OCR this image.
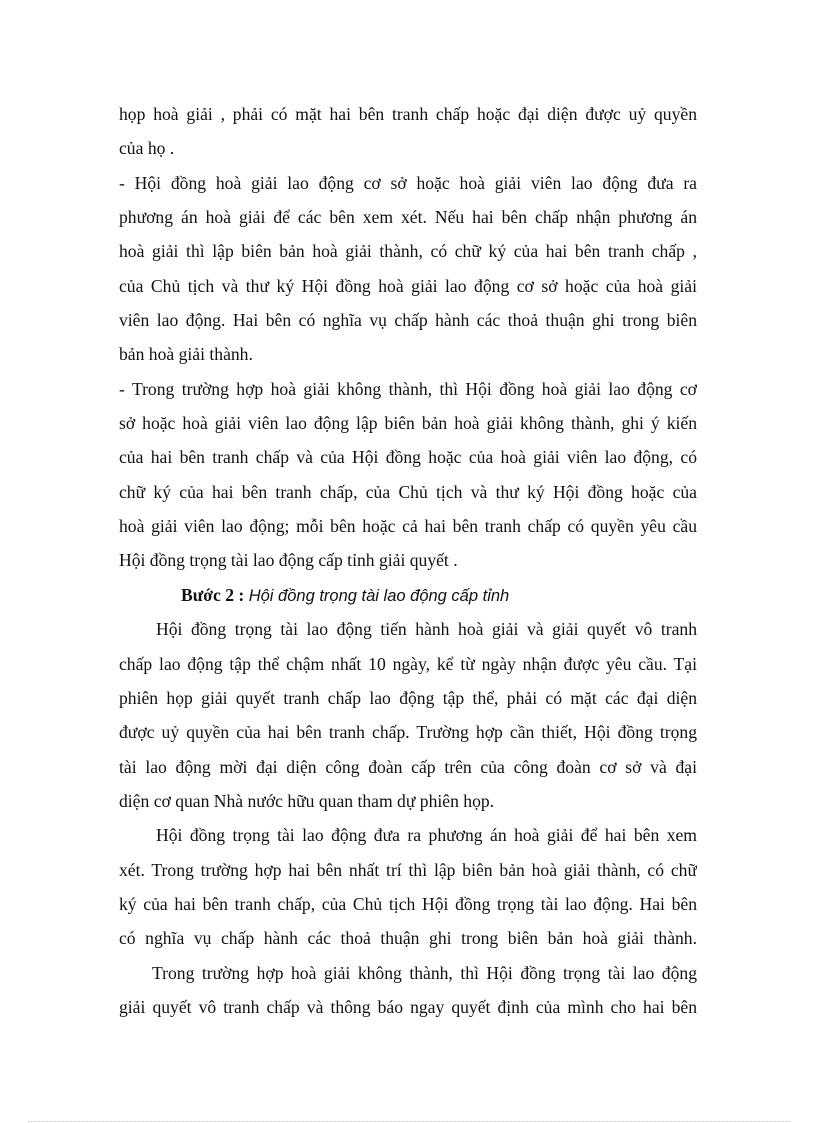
họp hoà giải , phải có mặt hai bên tranh chấp hoặc đại diện được uỷ quyền
của họ .
- Hội đồng hoà giải lao động cơ sở hoặc hoà giải viên lao động đưa ra
phương án hoà giải để các bên xem xét. Nếu hai bên chấp nhận phương án
hoà giải thì lập biên bản hoà giải thành, có chữ ký của hai bên tranh chấp ,
của Chủ tịch và thư ký Hội đồng hoà giải lao động cơ sở hoặc của hoà giải
viên lao động. Hai bên có nghĩa vụ chấp hành các thoả thuận ghi trong biên
bản hoà giải thành.
- Trong trường hợp hoà giải không thành, thì Hội đồng hoà giải lao động cơ
sở hoặc hoà giải viên lao động lập biên bản hoà giải không thành, ghi ý kiến
của hai bên tranh chấp và của Hội đồng hoặc của hoà giải viên lao động, có
chữ ký của hai bên tranh chấp, của Chủ tịch và thư ký Hội đồng hoặc của
hoà giải viên lao động; mỗi bên hoặc cả hai bên tranh chấp có quyền yêu cầu
Hội đồng trọng tài lao động cấp tỉnh giải quyết .
Bước 2 : Hội đồng trọng tài lao động cấp tỉnh
Hội đồng trọng tài lao động tiến hành hoà giải và giải quyết vô tranh
chấp lao động tập thể chậm nhất 10 ngày, kể từ ngày nhận được yêu cầu. Tại
phiên họp giải quyết tranh chấp lao động tập thể, phải có mặt các đại diện
được uỷ quyền của hai bên tranh chấp. Trường hợp cần thiết, Hội đồng trọng
tài lao động mời đại diện công đoàn cấp trên của công đoàn cơ sở và đại
diện cơ quan Nhà nước hữu quan tham dự phiên họp.
Hội đồng trọng tài lao động đưa ra phương án hoà giải để hai bên xem
xét. Trong trường hợp hai bên nhất trí thì lập biên bản hoà giải thành, có chữ
ký của hai bên tranh chấp, của Chủ tịch Hội đồng trọng tài lao động. Hai bên
có nghĩa vụ chấp hành các thoả thuận ghi trong biên bản hoà giải thành.
Trong trường hợp hoà giải không thành, thì Hội đồng trọng tài lao động
giải quyết vô tranh chấp và thông báo ngay quyết định của mình cho hai bên
